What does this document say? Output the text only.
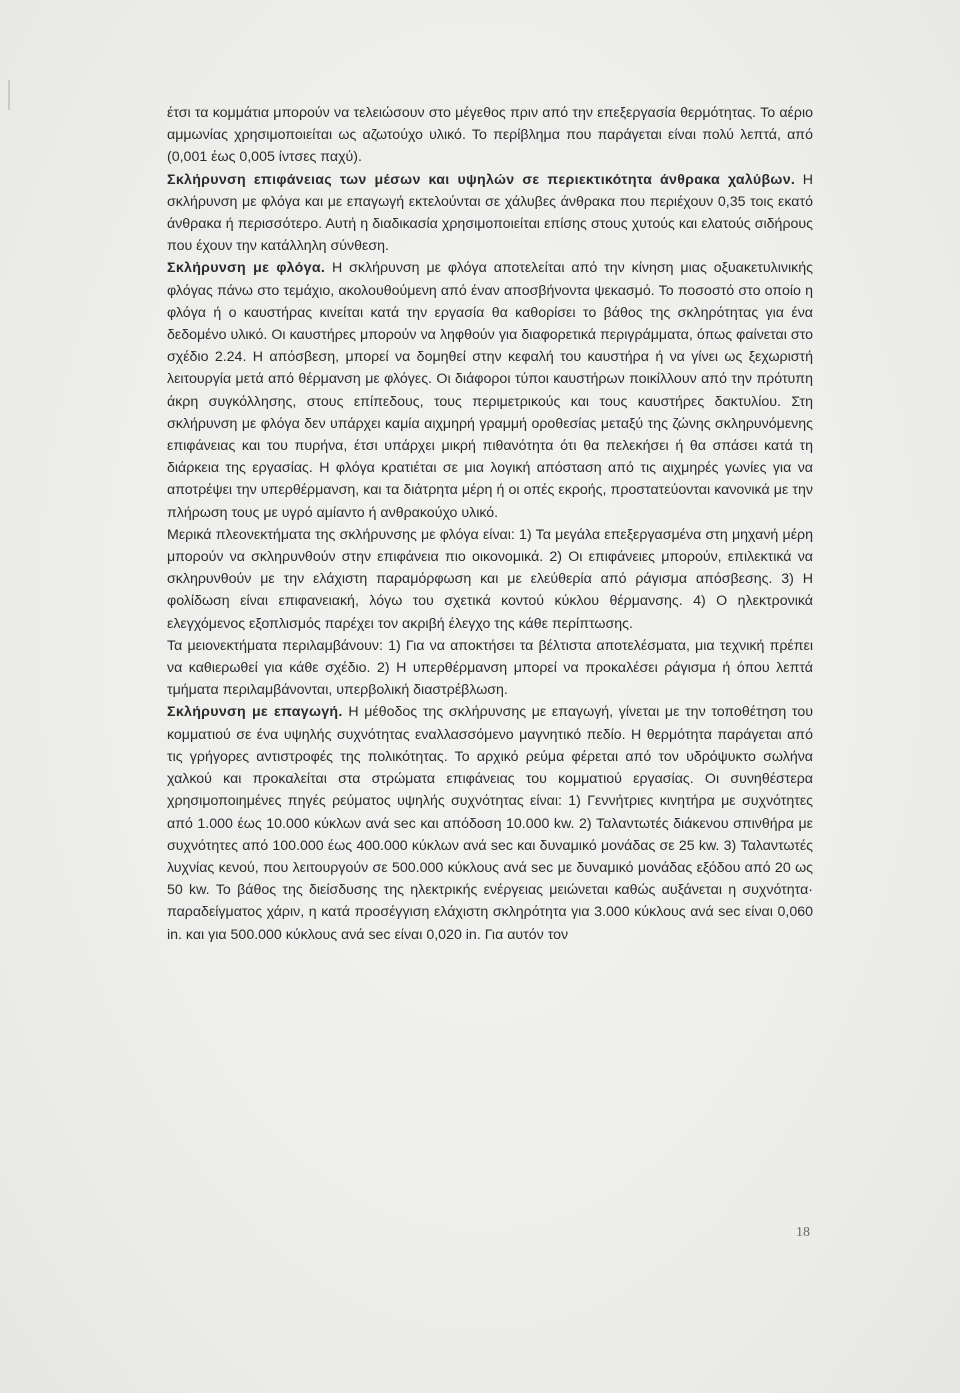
έτσι τα κομμάτια μπορούν να τελειώσουν στο μέγεθος πριν από την επεξεργασία θερμότητας. Το αέριο αμμωνίας χρησιμοποιείται ως αζωτούχο υλικό. Το περίβλημα που παράγεται είναι πολύ λεπτά, από (0,001 έως 0,005 ίντσες παχύ).

Σκλήρυνση επιφάνειας των μέσων και υψηλών σε περιεκτικότητα άνθρακα χαλύβων. Η σκλήρυνση με φλόγα και με επαγωγή εκτελούνται σε χάλυβες άνθρακα που περιέχουν 0,35 τοις εκατό άνθρακα ή περισσότερο. Αυτή η διαδικασία χρησιμοποιείται επίσης στους χυτούς και ελατούς σιδήρους που έχουν την κατάλληλη σύνθεση.

Σκλήρυνση με φλόγα. Η σκλήρυνση με φλόγα αποτελείται από την κίνηση μιας οξυακετυλινικής φλόγας πάνω στο τεμάχιο, ακολουθούμενη από έναν αποσβήνοντα ψεκασμό. Το ποσοστό στο οποίο η φλόγα ή ο καυστήρας κινείται κατά την εργασία θα καθορίσει το βάθος της σκληρότητας για ένα δεδομένο υλικό. Οι καυστήρες μπορούν να ληφθούν για διαφορετικά περιγράμματα, όπως φαίνεται στο σχέδιο 2.24. Η απόσβεση, μπορεί να δομηθεί στην κεφαλή του καυστήρα ή να γίνει ως ξεχωριστή λειτουργία μετά από θέρμανση με φλόγες. Οι διάφοροι τύποι καυστήρων ποικίλλουν από την πρότυπη άκρη συγκόλλησης, στους επίπεδους, τους περιμετρικούς και τους καυστήρες δακτυλίου. Στη σκλήρυνση με φλόγα δεν υπάρχει καμία αιχμηρή γραμμή οροθεσίας μεταξύ της ζώνης σκληρυνόμενης επιφάνειας και του πυρήνα, έτσι υπάρχει μικρή πιθανότητα ότι θα πελεκήσει ή θα σπάσει κατά τη διάρκεια της εργασίας. Η φλόγα κρατιέται σε μια λογική απόσταση από τις αιχμηρές γωνίες για να αποτρέψει την υπερθέρμανση, και τα διάτρητα μέρη ή οι οπές εκροής, προστατεύονται κανονικά με την πλήρωση τους με υγρό αμίαντο ή ανθρακούχο υλικό.

Μερικά πλεονεκτήματα της σκλήρυνσης με φλόγα είναι: 1) Τα μεγάλα επεξεργασμένα στη μηχανή μέρη μπορούν να σκληρυνθούν στην επιφάνεια πιο οικονομικά. 2) Οι επιφάνειες μπορούν, επιλεκτικά να σκληρυνθούν με την ελάχιστη παραμόρφωση και με ελεύθερία από ράγισμα απόσβεσης. 3) Η φολίδωση είναι επιφανειακή, λόγω του σχετικά κοντού κύκλου θέρμανσης. 4) Ο ηλεκτρονικά ελεγχόμενος εξοπλισμός παρέχει τον ακριβή έλεγχο της κάθε περίπτωσης.

Τα μειονεκτήματα περιλαμβάνουν: 1) Για να αποκτήσει τα βέλτιστα αποτελέσματα, μια τεχνική πρέπει να καθιερωθεί για κάθε σχέδιο. 2) Η υπερθέρμανση μπορεί να προκαλέσει ράγισμα ή όπου λεπτά τμήματα περιλαμβάνονται, υπερβολική διαστρέβλωση.

Σκλήρυνση με επαγωγή. Η μέθοδος της σκλήρυνσης με επαγωγή, γίνεται με την τοποθέτηση του κομματιού σε ένα υψηλής συχνότητας εναλλασσόμενο μαγνητικό πεδίο. Η θερμότητα παράγεται από τις γρήγορες αντιστροφές της πολικότητας. Το αρχικό ρεύμα φέρεται από τον υδρόψυκτο σωλήνα χαλκού και προκαλείται στα στρώματα επιφάνειας του κομματιού εργασίας. Οι συνηθέστερα χρησιμοποιημένες πηγές ρεύματος υψηλής συχνότητας είναι: 1) Γεννήτριες κινητήρα με συχνότητες από 1.000 έως 10.000 κύκλων ανά sec και απόδοση 10.000 kw. 2) Ταλαντωτές διάκενου σπινθήρα με συχνότητες από 100.000 έως 400.000 κύκλων ανά sec και δυναμικό μονάδας σε 25 kw. 3) Ταλαντωτές λυχνίας κενού, που λειτουργούν σε 500.000 κύκλους ανά sec με δυναμικό μονάδας εξόδου από 20 ως 50 kw. Το βάθος της διείσδυσης της ηλεκτρικής ενέργειας μειώνεται καθώς αυξάνεται η συχνότητα· παραδείγματος χάριν, η κατά προσέγγιση ελάχιστη σκληρότητα για 3.000 κύκλους ανά sec είναι 0,060 in. και για 500.000 κύκλους ανά sec είναι 0,020 in. Για αυτόν τον

18
